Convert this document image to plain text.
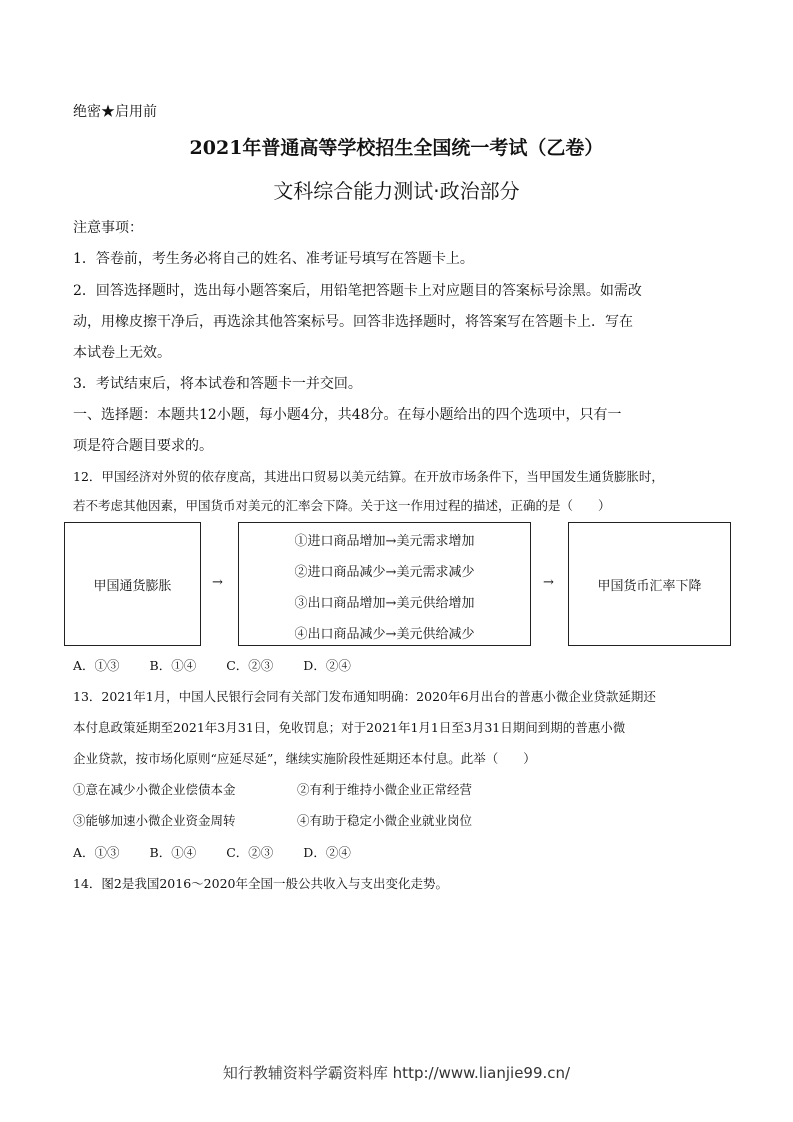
绝密★启用前
2021年普通高等学校招生全国统一考试（乙卷）
文科综合能力测试·政治部分
注意事项：
1．答卷前，考生务必将自己的姓名、准考证号填写在答题卡上。
2．回答选择题时，选出每小题答案后，用铅笔把答题卡上对应题目的答案标号涂黑。如需改
动，用橡皮擦干净后，再选涂其他答案标号。回答非选择题时，将答案写在答题卡上．写在
本试卷上无效。
3．考试结束后，将本试卷和答题卡一并交回。
一、选择题：本题共12小题，每小题4分，共48分。在每小题给出的四个选项中，只有一
项是符合题目要求的。
12．甲国经济对外贸的依存度高，其进出口贸易以美元结算。在开放市场条件下，当甲国发生通货膨胀时，
若不考虑其他因素，甲国货币对美元的汇率会下降。关于这一作用过程的描述，正确的是（　　）
甲国通货膨胀	→
①进口商品增加→美元需求增加
②进口商品减少→美元需求减少
③出口商品增加→美元供给增加
④出口商品减少→美元供给减少
→	甲国货币汇率下降
A．①③ B．①④ C．②③ D．②④
13．2021年1月，中国人民银行会同有关部门发布通知明确：2020年6月出台的普惠小微企业贷款延期还
本付息政策延期至2021年3月31日，免收罚息；对于2021年1月1日至3月31日期间到期的普惠小微
企业贷款，按市场化原则“应延尽延”，继续实施阶段性延期还本付息。此举（　　）
①意在减少小微企业偿债本金	②有利于维持小微企业正常经营
③能够加速小微企业资金周转	④有助于稳定小微企业就业岗位
A．①③ B．①④ C．②③ D．②④
14．图2是我国2016～2020年全国一般公共收入与支出变化走势。
知行教辅资料学霸资料库 http://www.lianjie99.cn/
